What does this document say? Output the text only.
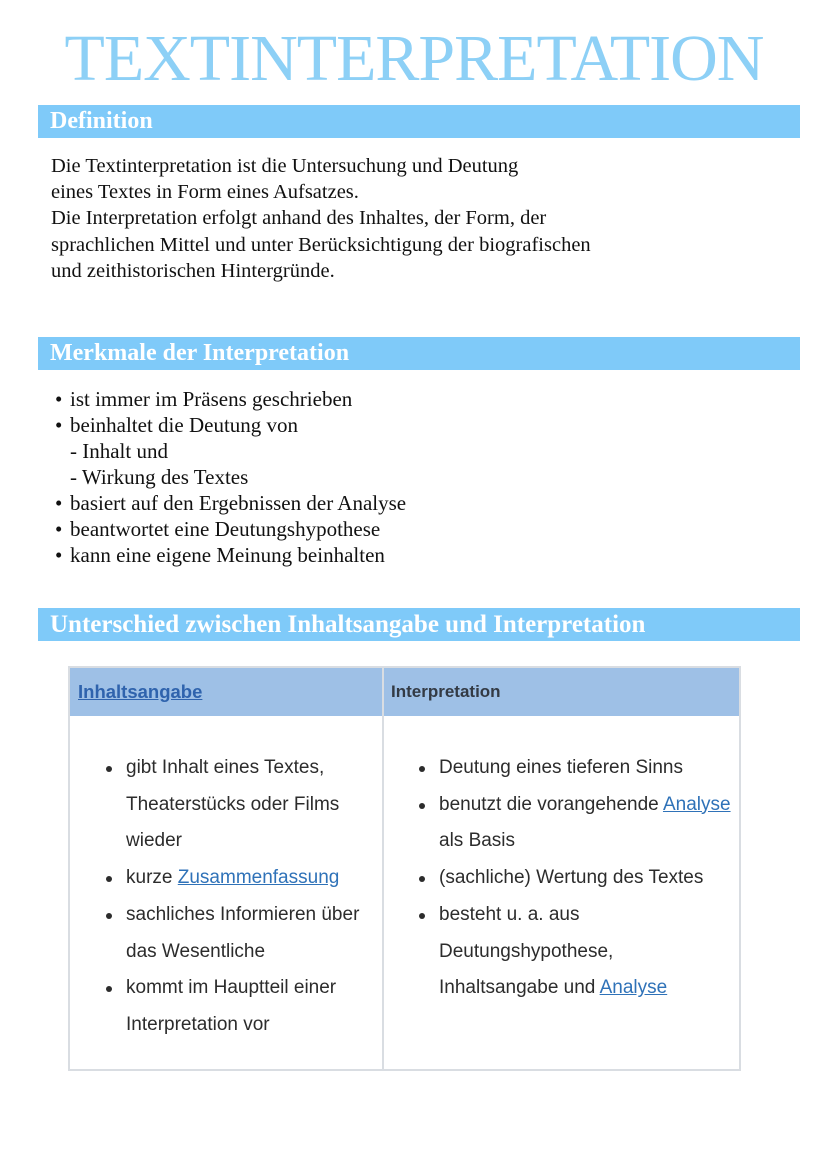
TEXTINTERPRETATION
Definition

Die Textinterpretation ist die Untersuchung und Deutung

eines Textes in Form eines Aufsatzes.

Die Interpretation erfolgt anhand des Inhaltes, der Form, der

sprachlichen Mittel und unter Berücksichtigung der biografischen

und zeithistorischen Hintergründe.

Merkmale der Interpretation
• ist immer im Präsens geschrieben
• beinhaltet die Deutung von
- Inhalt und
- Wirkung des Textes
• basiert auf den Ergebnissen der Analyse
• beantwortet eine Deutungshypothese
• kann eine eigene Meinung beinhalten
Unterschied zwischen Inhaltsangabe und Interpretation
Inhaltsangabe	Interpretation
gibt Inhalt eines Textes, Theaterstücks oder Films wieder
kurze Zusammenfassung
sachliches Informieren über das Wesentliche
kommt im Hauptteil einer Interpretation vor
Deutung eines tieferen Sinns
benutzt die vorangehende Analyse als Basis
(sachliche) Wertung des Textes
besteht u. a. aus Deutungshypothese, Inhaltsangabe und Analyse
